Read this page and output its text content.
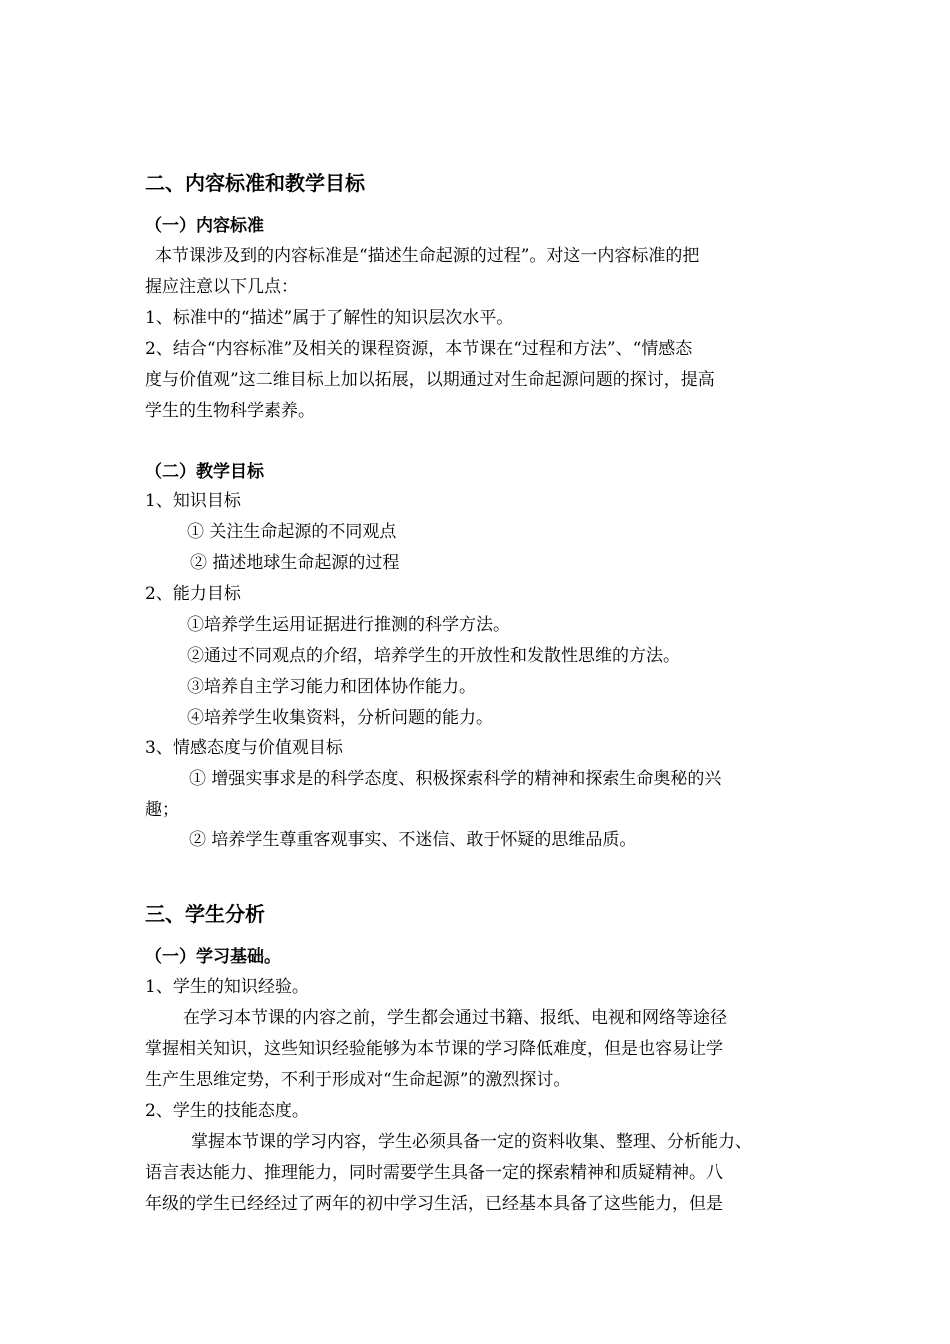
二、内容标准和教学目标
（一）内容标准
本节课涉及到的内容标准是“描述生命起源的过程”。对这一内容标准的把
握应注意以下几点：
1、标准中的“描述”属于了解性的知识层次水平。
2、结合“内容标准”及相关的课程资源，本节课在“过程和方法”、“情感态
度与价值观”这二维目标上加以拓展，以期通过对生命起源问题的探讨，提高
学生的生物科学素养。
（二）教学目标
1、知识目标
① 关注生命起源的不同观点
② 描述地球生命起源的过程
2、能力目标
①培养学生运用证据进行推测的科学方法。
②通过不同观点的介绍，培养学生的开放性和发散性思维的方法。
③培养自主学习能力和团体协作能力。
④培养学生收集资料，分析问题的能力。
3、情感态度与价值观目标
① 增强实事求是的科学态度、积极探索科学的精神和探索生命奥秘的兴
趣；
② 培养学生尊重客观事实、不迷信、敢于怀疑的思维品质。
三、学生分析
（一）学习基础。
1、学生的知识经验。
在学习本节课的内容之前，学生都会通过书籍、报纸、电视和网络等途径
掌握相关知识，这些知识经验能够为本节课的学习降低难度，但是也容易让学
生产生思维定势，不利于形成对“生命起源”的激烈探讨。
2、学生的技能态度。
掌握本节课的学习内容，学生必须具备一定的资料收集、整理、分析能力、
语言表达能力、推理能力，同时需要学生具备一定的探索精神和质疑精神。八
年级的学生已经经过了两年的初中学习生活，已经基本具备了这些能力，但是
